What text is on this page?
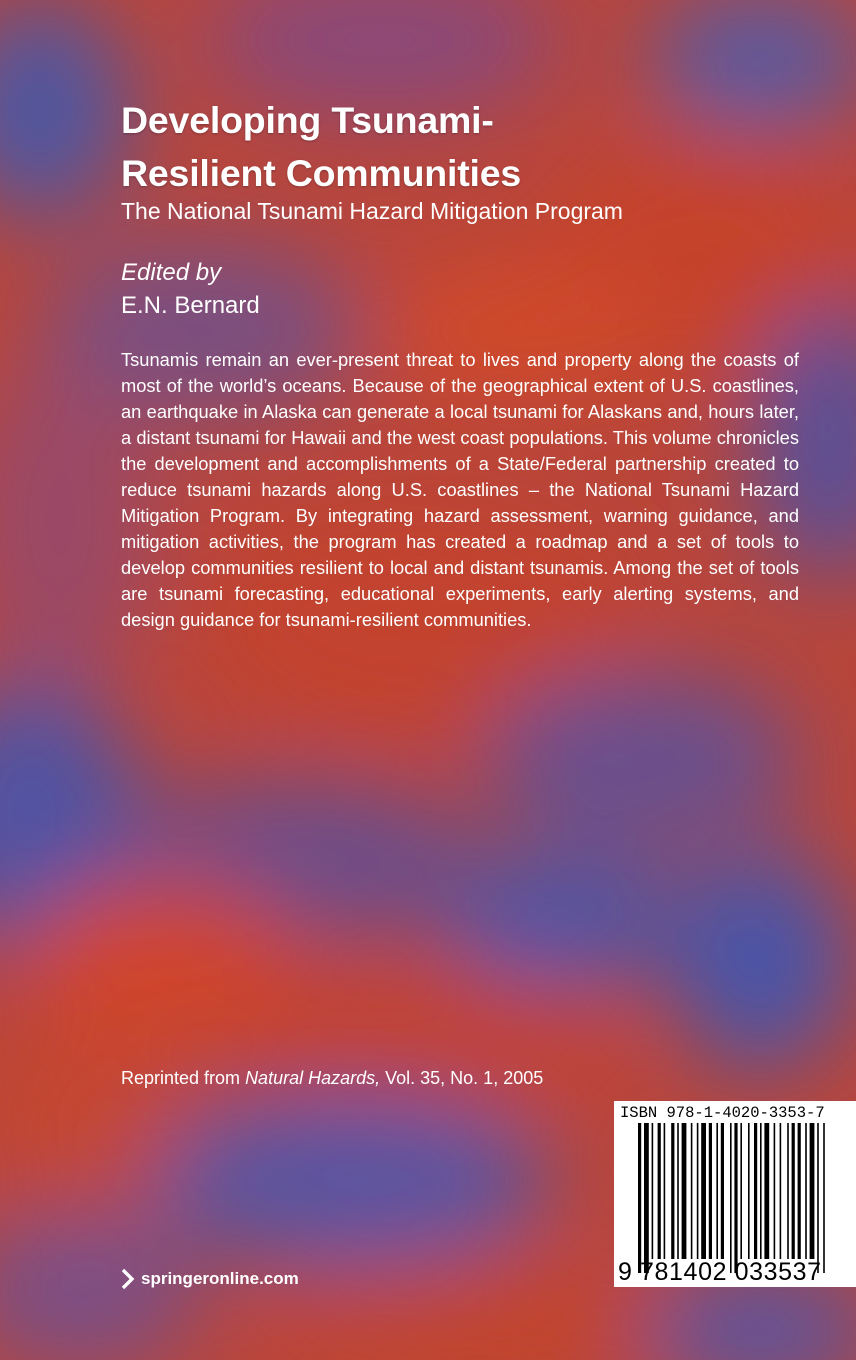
Developing Tsunami-
Resilient Communities

The National Tsunami Hazard Mitigation Program

Edited by

E.N. Bernard

Tsunamis remain an ever-present threat to lives and property along the coasts of most of the world’s oceans. Because of the geographical extent of U.S. coastlines, an earthquake in Alaska can generate a local tsunami for Alaskans and, hours later, a distant tsunami for Hawaii and the west coast populations. This volume chronicles the development and accomplishments of a State/Federal partnership created to reduce tsunami hazards along U.S. coastlines – the National Tsunami Hazard Mitigation Program. By integrating hazard assessment, warning guidance, and mitigation activities, the program has created a roadmap and a set of tools to develop communities resilient to local and distant tsunamis. Among the set of tools are tsunami forecasting, educational experiments, early alerting systems, and design guidance for tsunami-resilient communities.

Reprinted from Natural Hazards, Vol. 35, No. 1, 2005

ISBN 978-1-4020-3353-7
9 781402 033537
springeronline.com
